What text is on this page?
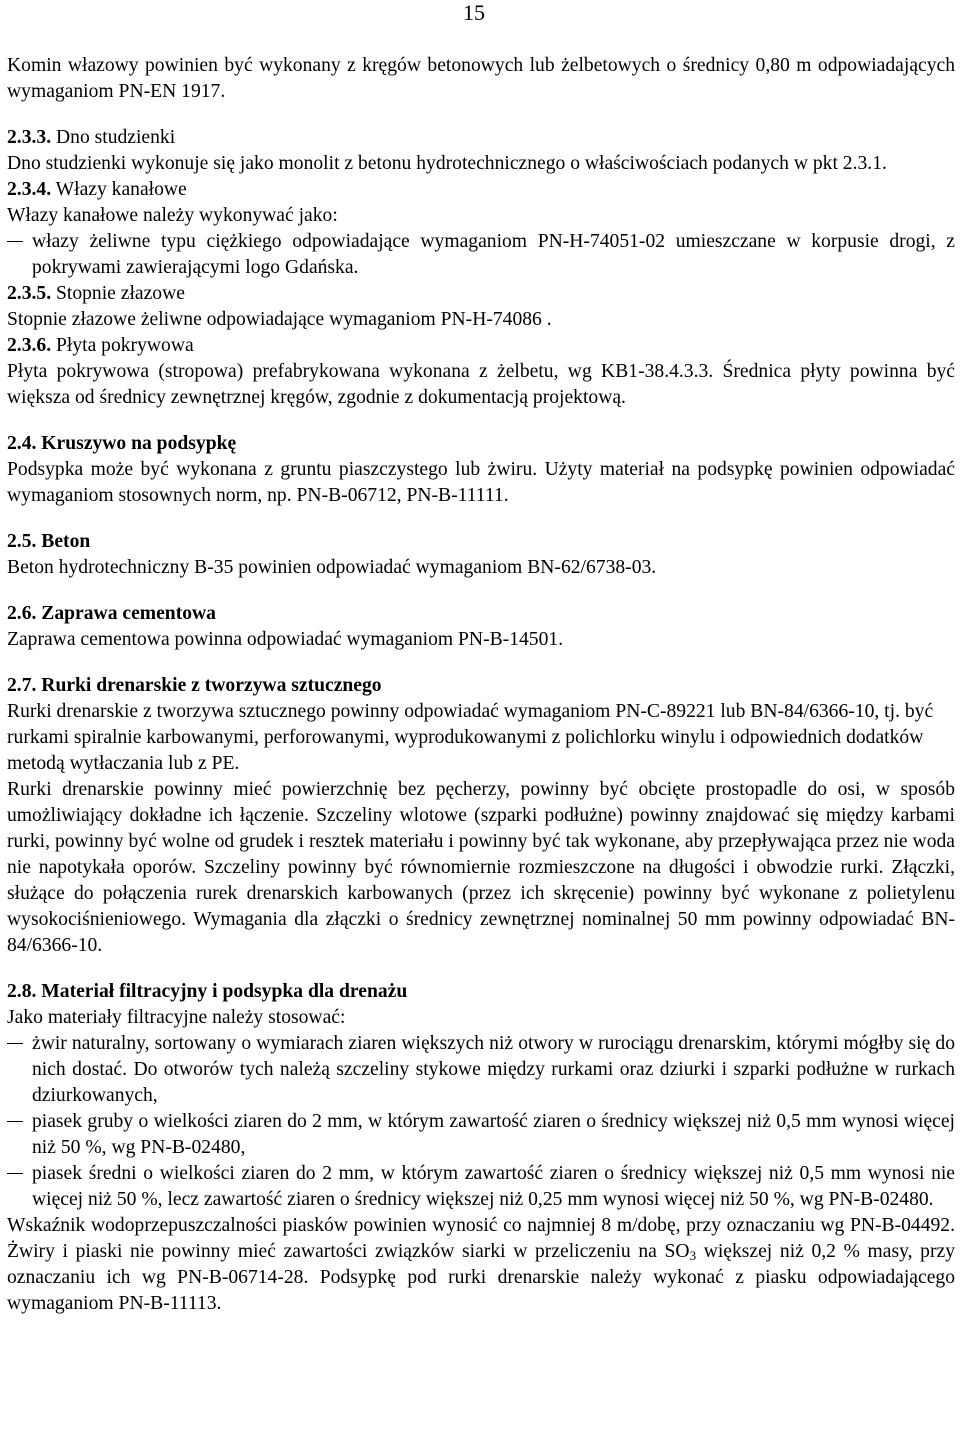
15

Komin włazowy powinien być wykonany z kręgów betonowych lub żelbetowych o średnicy 0,80 m odpowiadających wymaganiom PN-EN 1917.

2.3.3. Dno studzienki

Dno studzienki wykonuje się jako monolit z betonu hydrotechnicznego o właściwościach podanych w pkt 2.3.1.

2.3.4. Włazy kanałowe

Włazy kanałowe należy wykonywać jako:

włazy żeliwne typu ciężkiego odpowiadające wymaganiom PN-H-74051-02 umieszczane w korpusie drogi, z pokrywami zawierającymi logo Gdańska.

2.3.5. Stopnie złazowe

Stopnie złazowe żeliwne odpowiadające wymaganiom PN-H-74086 .

2.3.6. Płyta pokrywowa

Płyta pokrywowa (stropowa) prefabrykowana wykonana z żelbetu, wg KB1-38.4.3.3. Średnica płyty powinna być większa od średnicy zewnętrznej kręgów, zgodnie z dokumentacją projektową.

2.4. Kruszywo na podsypkę

Podsypka może być wykonana z gruntu piaszczystego lub żwiru. Użyty materiał na podsypkę powinien odpowiadać wymaganiom stosownych norm, np. PN-B-06712, PN-B-11111.

2.5. Beton

Beton hydrotechniczny B-35 powinien odpowiadać wymaganiom BN-62/6738-03.

2.6. Zaprawa cementowa

Zaprawa cementowa powinna odpowiadać wymaganiom PN-B-14501.

2.7. Rurki drenarskie z tworzywa sztucznego

Rurki drenarskie z tworzywa sztucznego powinny odpowiadać wymaganiom PN-C-89221 lub BN-84/6366-10, tj. być rurkami spiralnie karbowanymi, perforowanymi, wyprodukowanymi z polichlorku winylu i odpowiednich dodatków metodą wytłaczania lub z PE.

Rurki drenarskie powinny mieć powierzchnię bez pęcherzy, powinny być obcięte prostopadle do osi, w sposób umożliwiający dokładne ich łączenie. Szczeliny wlotowe (szparki podłużne) powinny znajdować się między karbami rurki, powinny być wolne od grudek i resztek materiału i powinny być tak wykonane, aby przepływająca przez nie woda nie napotykała oporów. Szczeliny powinny być równomiernie rozmieszczone na długości i obwodzie rurki. Złączki, służące do połączenia rurek drenarskich karbowanych (przez ich skręcenie) powinny być wykonane z polietylenu wysokociśnieniowego. Wymagania dla złączki o średnicy zewnętrznej nominalnej 50 mm powinny odpowiadać BN-84/6366-10.

2.8. Materiał filtracyjny i podsypka dla drenażu

Jako materiały filtracyjne należy stosować:

żwir naturalny, sortowany o wymiarach ziaren większych niż otwory w rurociągu drenarskim, którymi mógłby się do nich dostać. Do otworów tych należą szczeliny stykowe między rurkami oraz dziurki i szparki podłużne w rurkach dziurkowanych,
piasek gruby o wielkości ziaren do 2 mm, w którym zawartość ziaren o średnicy większej niż 0,5 mm wynosi więcej niż 50 %, wg PN-B-02480,
piasek średni o wielkości ziaren do 2 mm, w którym zawartość ziaren o średnicy większej niż 0,5 mm wynosi nie więcej niż 50 %, lecz zawartość ziaren o średnicy większej niż 0,25 mm wynosi więcej niż 50 %, wg PN-B-02480.

Wskaźnik wodoprzepuszczalności piasków powinien wynosić co najmniej 8 m/dobę, przy oznaczaniu wg PN-B-04492. Żwiry i piaski nie powinny mieć zawartości związków siarki w przeliczeniu na $SO_3$ większej niż 0,2 % masy, przy oznaczaniu ich wg PN-B-06714-28. Podsypkę pod rurki drenarskie należy wykonać z piasku odpowiadającego wymaganiom PN-B-11113.
